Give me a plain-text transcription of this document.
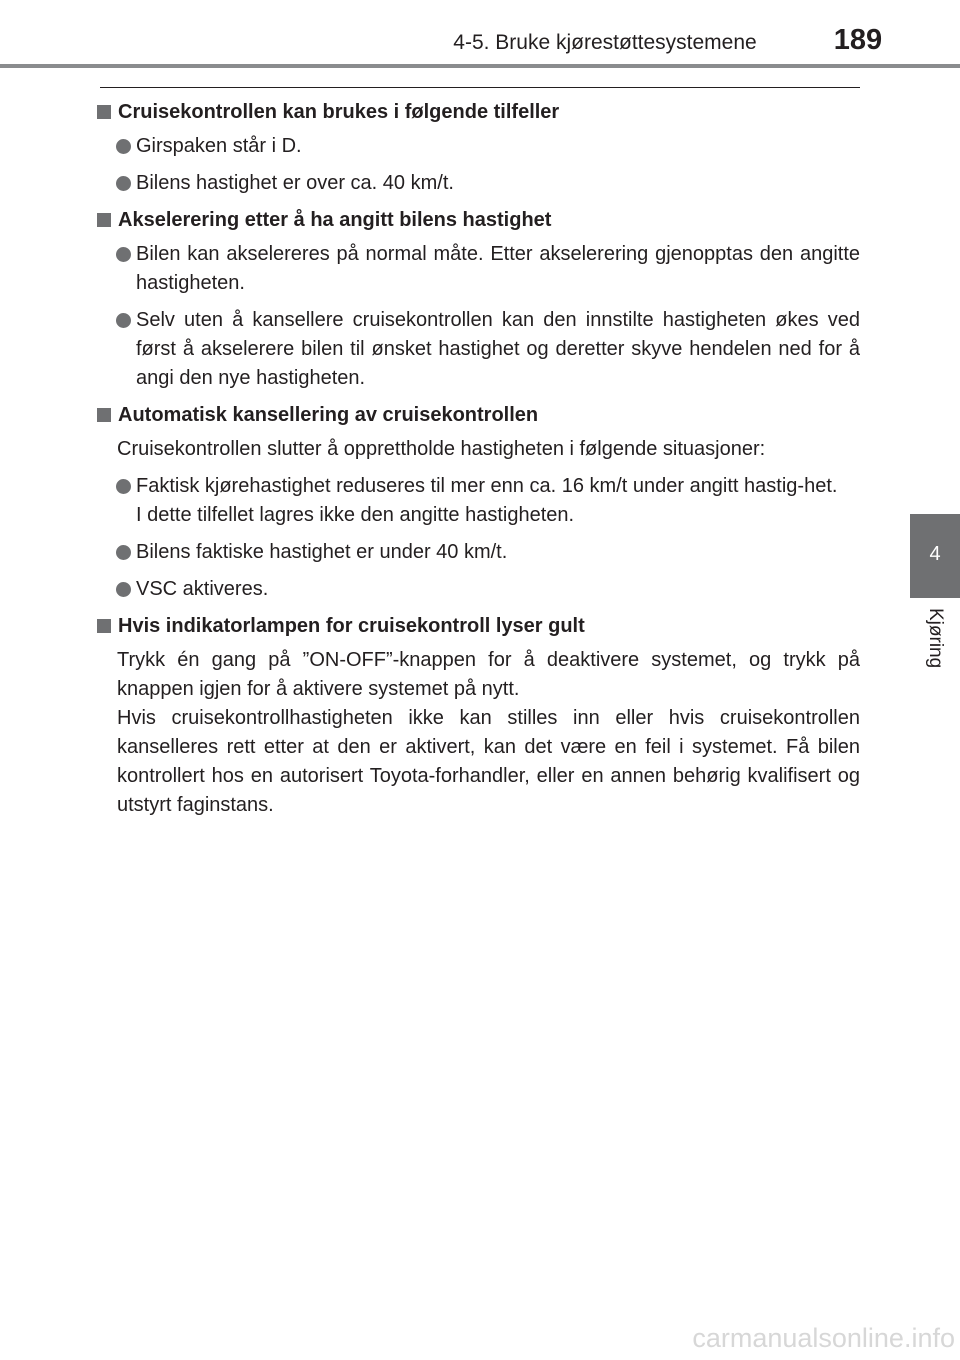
4-5. Bruke kjørestøttesystemene	189
4
Kjøring
Cruisekontrollen kan brukes i følgende tilfeller
Girspaken står i D.
Bilens hastighet er over ca. 40 km/t.
Akselerering etter å ha angitt bilens hastighet
Bilen kan akselereres på normal måte. Etter akselerering gjenopptas den angitte hastigheten.
Selv uten å kansellere cruisekontrollen kan den innstilte hastigheten økes ved først å akselerere bilen til ønsket hastighet og deretter skyve hendelen ned for å angi den nye hastigheten.
Automatisk kansellering av cruisekontrollen
Cruisekontrollen slutter å opprettholde hastigheten i følgende situasjoner:
Faktisk kjørehastighet reduseres til mer enn ca. 16 km/t under angitt hastig-het.
I dette tilfellet lagres ikke den angitte hastigheten.
Bilens faktiske hastighet er under 40 km/t.
VSC aktiveres.
Hvis indikatorlampen for cruisekontroll lyser gult
Trykk én gang på ”ON-OFF”-knappen for å deaktivere systemet, og trykk på knappen igjen for å aktivere systemet på nytt.
Hvis cruisekontrollhastigheten ikke kan stilles inn eller hvis cruisekontrollen kanselleres rett etter at den er aktivert, kan det være en feil i systemet. Få bilen kontrollert hos en autorisert Toyota-forhandler, eller en annen behørig kvalifisert og utstyrt faginstans.
carmanualsonline.info
